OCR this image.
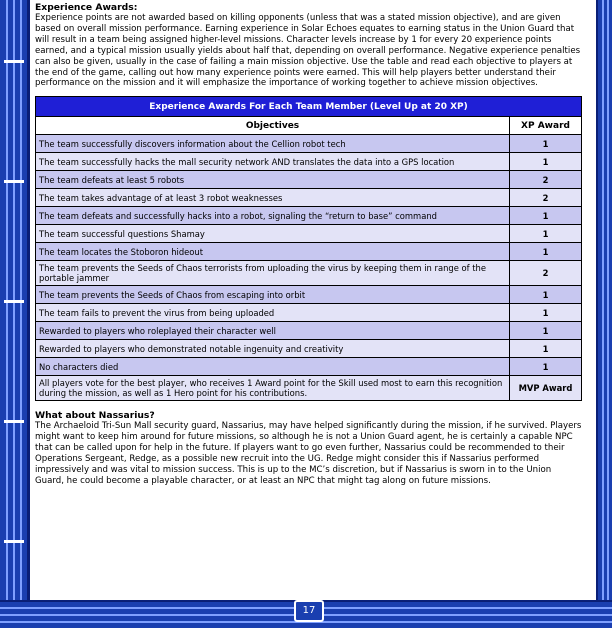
17
Experience Awards:

Experience points are not awarded based on killing opponents (unless that was a stated mission objective), and are given based on overall mission performance. Earning experience in Solar Echoes equates to earning status in the Union Guard that will result in a team being assigned higher-level missions. Character levels increase by 1 for every 20 experience points earned, and a typical mission usually yields about half that, depending on overall performance. Negative experience penalties can also be given, usually in the case of failing a main mission objective. Use the table and read each objective to players at the end of the game, calling out how many experience points were earned. This will help players better understand their performance on the mission and it will emphasize the importance of working together to achieve mission objectives.

Experience Awards For Each Team Member (Level Up at 20 XP)	
Objectives	XP Award
The team successfully discovers information about the Cellion robot tech	1
The team successfully hacks the mall security network AND translates the data into a GPS location	1
The team defeats at least 5 robots	2
The team takes advantage of at least 3 robot weaknesses	2
The team defeats and successfully hacks into a robot, signaling the “return to base” command	1
The team successful questions Shamay	1
The team locates the Stoboron hideout	1
The team prevents the Seeds of Chaos terrorists from uploading the virus by keeping them in range of the portable jammer	2
The team prevents the Seeds of Chaos from escaping into orbit	1
The team fails to prevent the virus from being uploaded	1
Rewarded to players who roleplayed their character well	1
Rewarded to players who demonstrated notable ingenuity and creativity	1
No characters died	1
All players vote for the best player, who receives 1 Award point for the Skill used most to earn this recognition during the mission, as well as 1 Hero point for his contributions.	MVP Award
What about Nassarius?

The Archaeloid Tri-Sun Mall security guard, Nassarius, may have helped significantly during the mission, if he survived. Players might want to keep him around for future missions, so although he is not a Union Guard agent, he is certainly a capable NPC that can be called upon for help in the future. If players want to go even further, Nassarius could be recommended to their Operations Sergeant, Redge, as a possible new recruit into the UG. Redge might consider this if Nassarius performed impressively and was vital to mission success. This is up to the MC’s discretion, but if Nassarius is sworn in to the Union Guard, he could become a playable character, or at least an NPC that might tag along on future missions.
